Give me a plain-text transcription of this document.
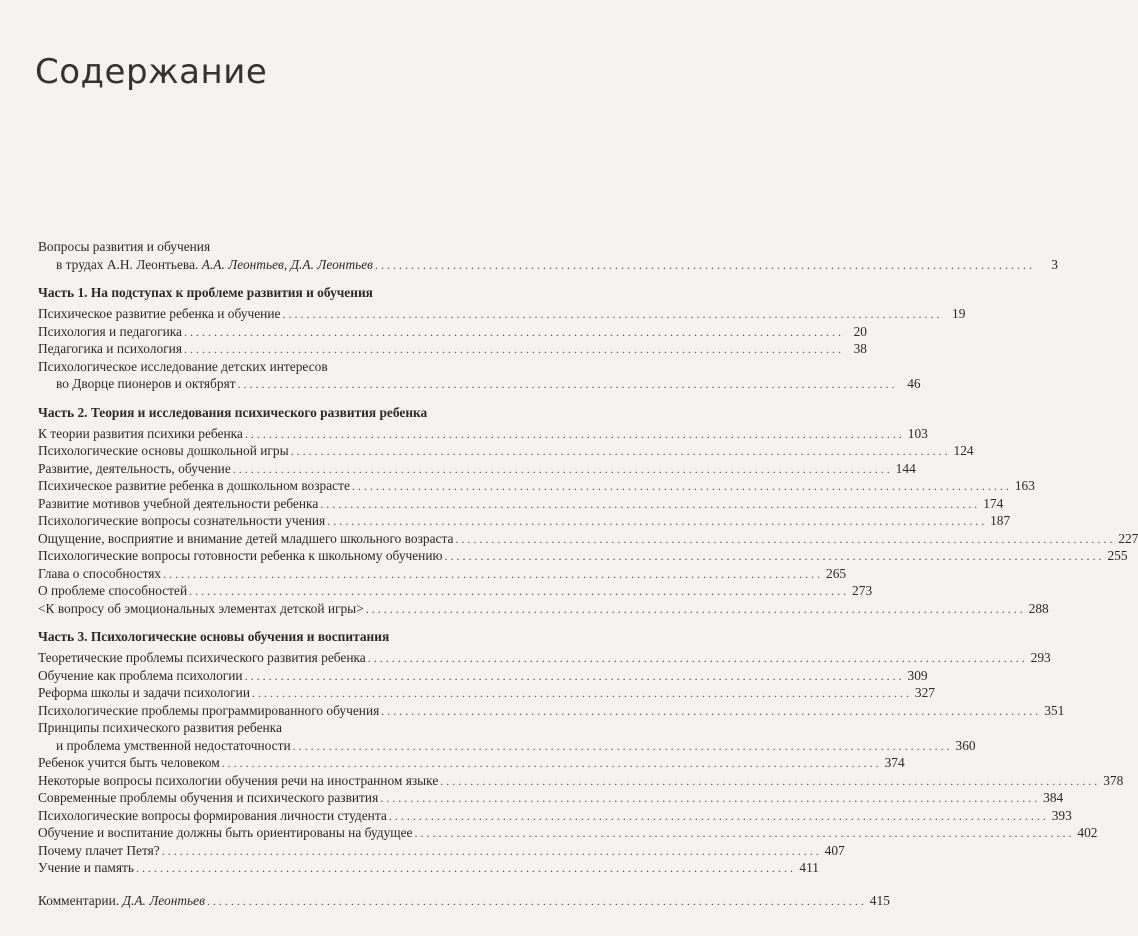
Содержание
Вопросы развития и обучения
в трудах А.Н. Леонтьева. А.А. Леонтьев, Д.А. Леонтьев . . .	3
Часть 1. На подступах к проблеме развития и обучения
Психическое развитие ребенка и обучение . . .	19
Психология и педагогика . . .	20
Педагогика и психология . . .	38
Психологическое исследование детских интересов
во Дворце пионеров и октябрят . . .	46
Часть 2. Теория и исследования психического развития ребенка
К теории развития психики ребенка . . .	103
Психологические основы дошкольной игры . . .	124
Развитие, деятельность, обучение . . .	144
Психическое развитие ребенка в дошкольном возрасте . . .	163
Развитие мотивов учебной деятельности ребенка . . .	174
Психологические вопросы сознательности учения . . .	187
Ощущение, восприятие и внимание детей младшего школьного возраста . . .	227
Психологические вопросы готовности ребенка к школьному обучению . . .	255
Глава о способностях . . .	265
О проблеме способностей . . .	273
<К вопросу об эмоциональных элементах детской игры> . . .	288
Часть 3. Психологические основы обучения и воспитания
Теоретические проблемы психического развития ребенка . . .	293
Обучение как проблема психологии . . .	309
Реформа школы и задачи психологии . . .	327
Психологические проблемы программированного обучения . . .	351
Принципы психического развития ребенка
и проблема умственной недостаточности . . .	360
Ребенок учится быть человеком . . .	374
Некоторые вопросы психологии обучения речи на иностранном языке . . .	378
Современные проблемы обучения и психического развития . . .	384
Психологические вопросы формирования личности студента . . .	393
Обучение и воспитание должны быть ориентированы на будущее . . .	402
Почему плачет Петя? . . .	407
Учение и память . . .	411
Комментарии. Д.А. Леонтьев . . .	415
